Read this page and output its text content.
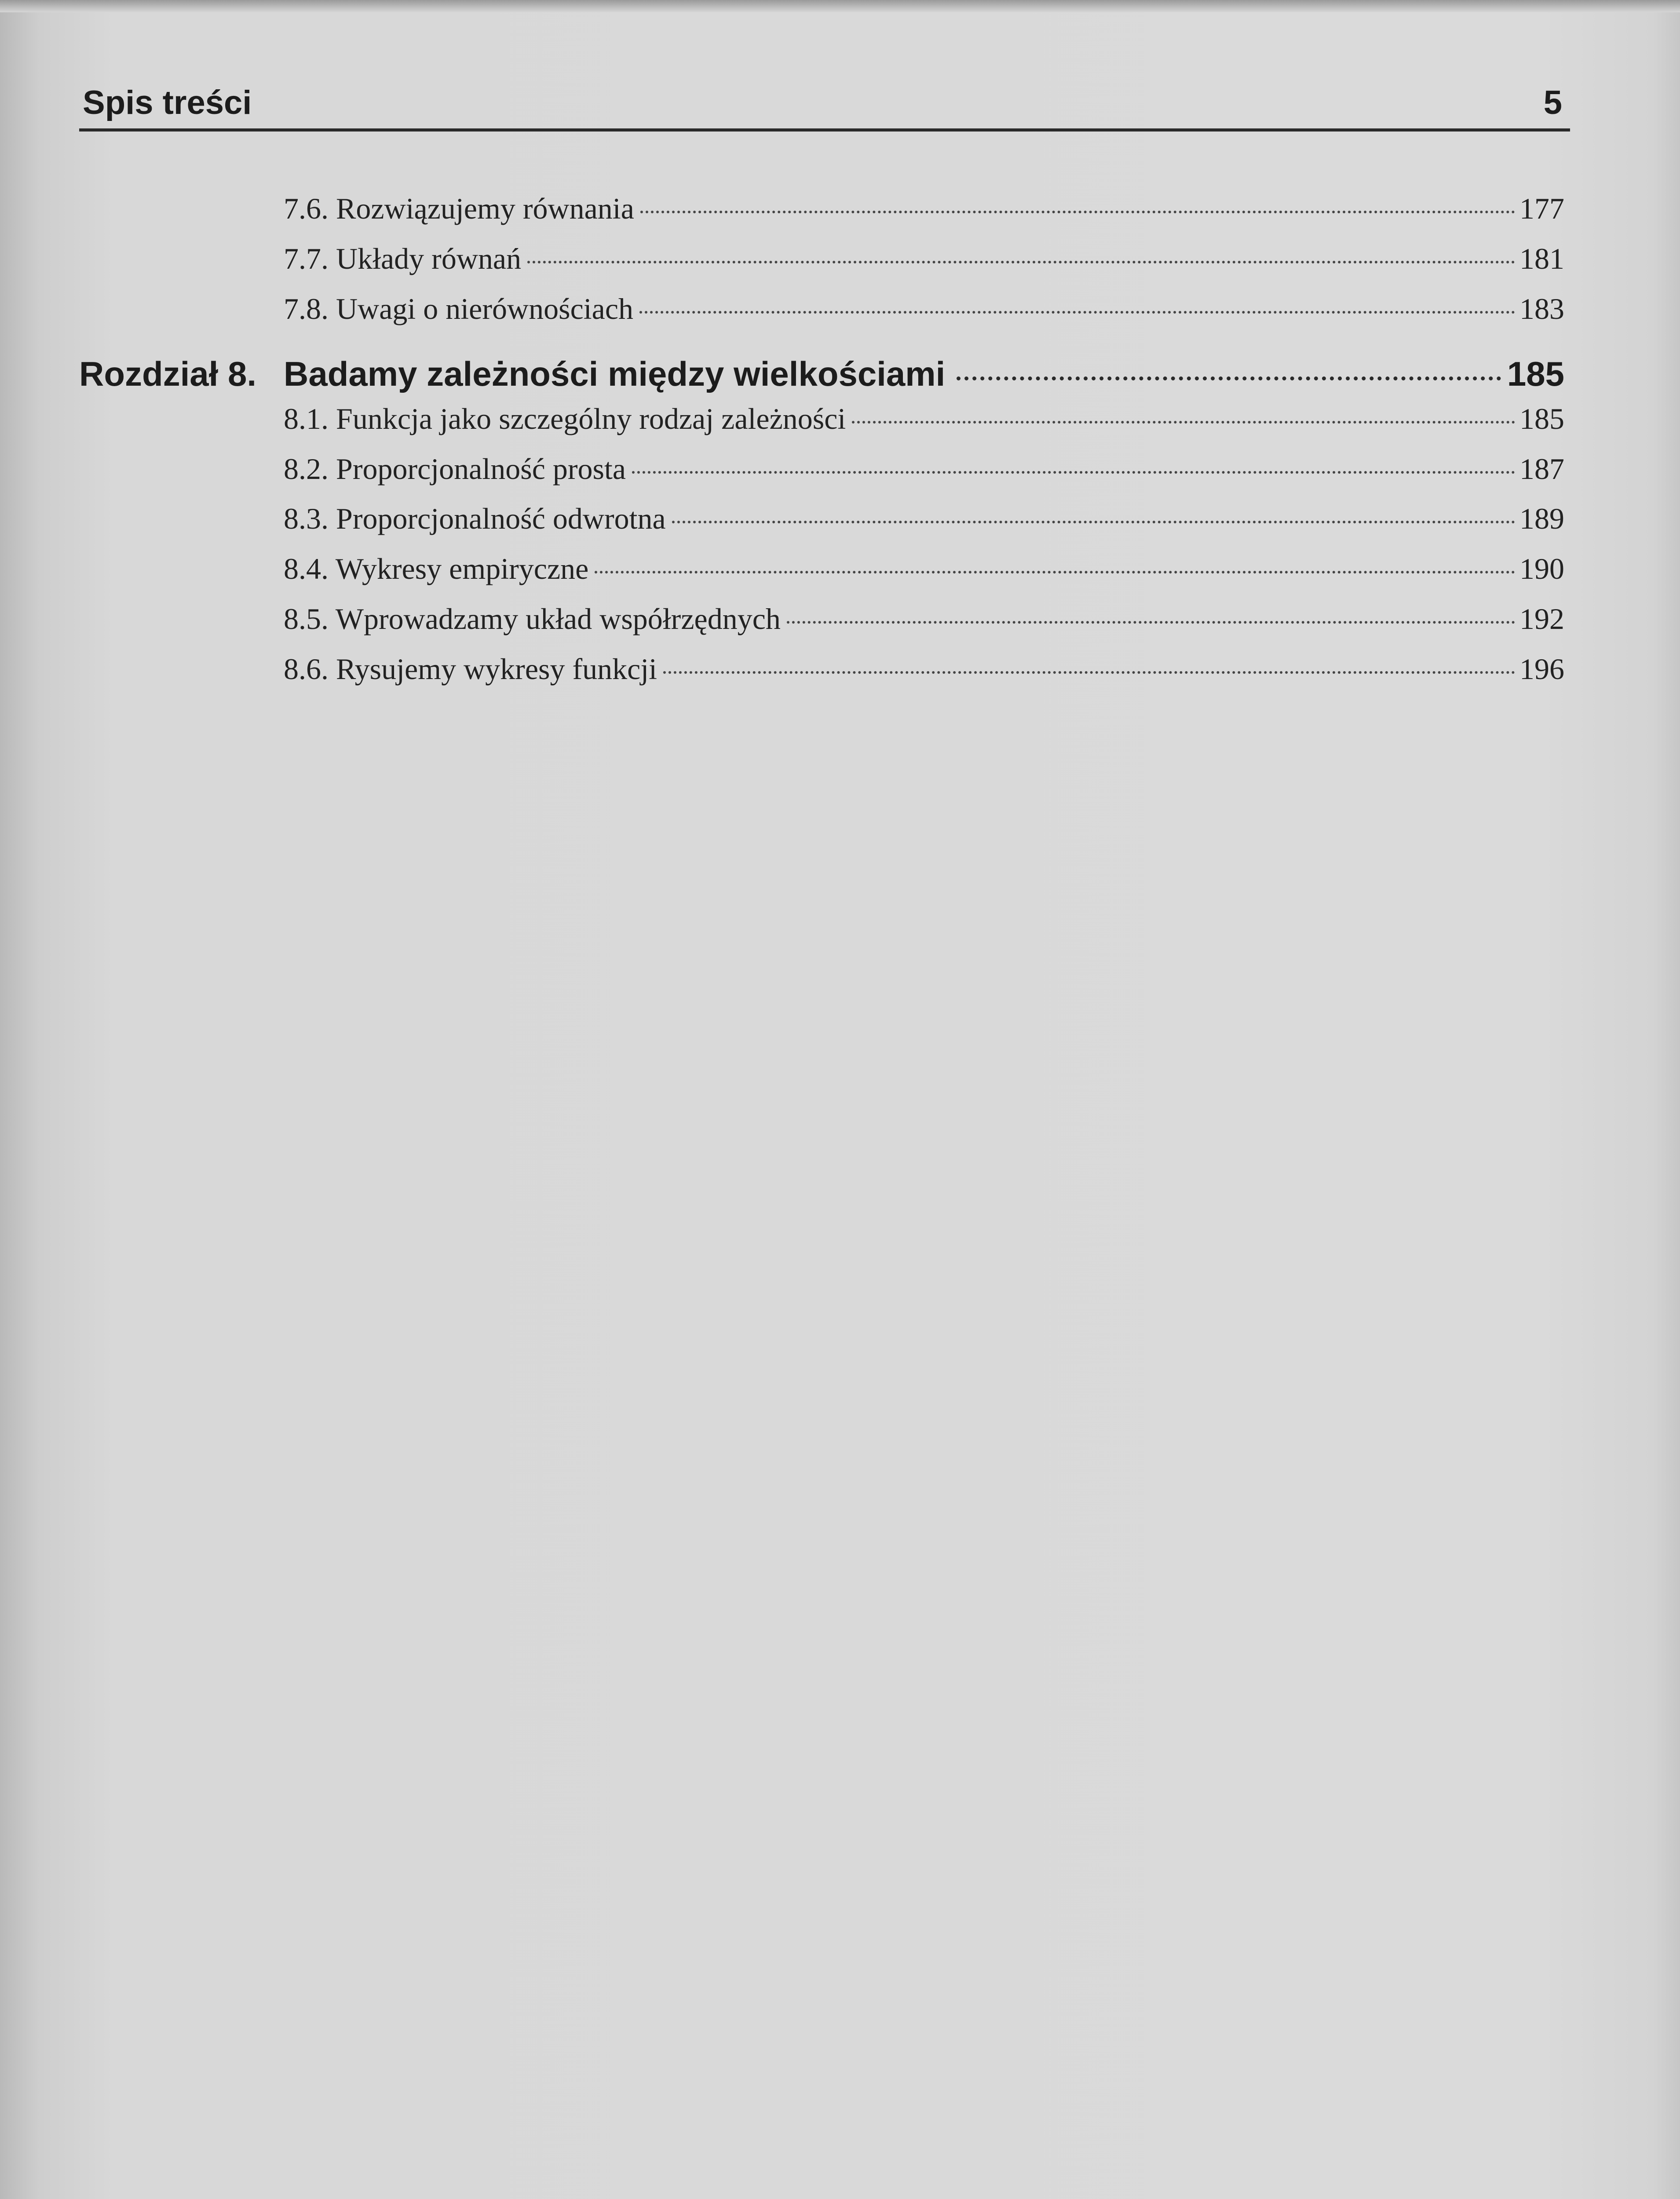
Spis treści	5
7.6. Rozwiązujemy równania	177
7.7. Układy równań	181
7.8. Uwagi o nierównościach	183
Rozdział 8. Badamy zależności między wielkościami	185
8.1. Funkcja jako szczególny rodzaj zależności	185
8.2. Proporcjonalność prosta	187
8.3. Proporcjonalność odwrotna	189
8.4. Wykresy empiryczne	190
8.5. Wprowadzamy układ współrzędnych	192
8.6. Rysujemy wykresy funkcji	196
